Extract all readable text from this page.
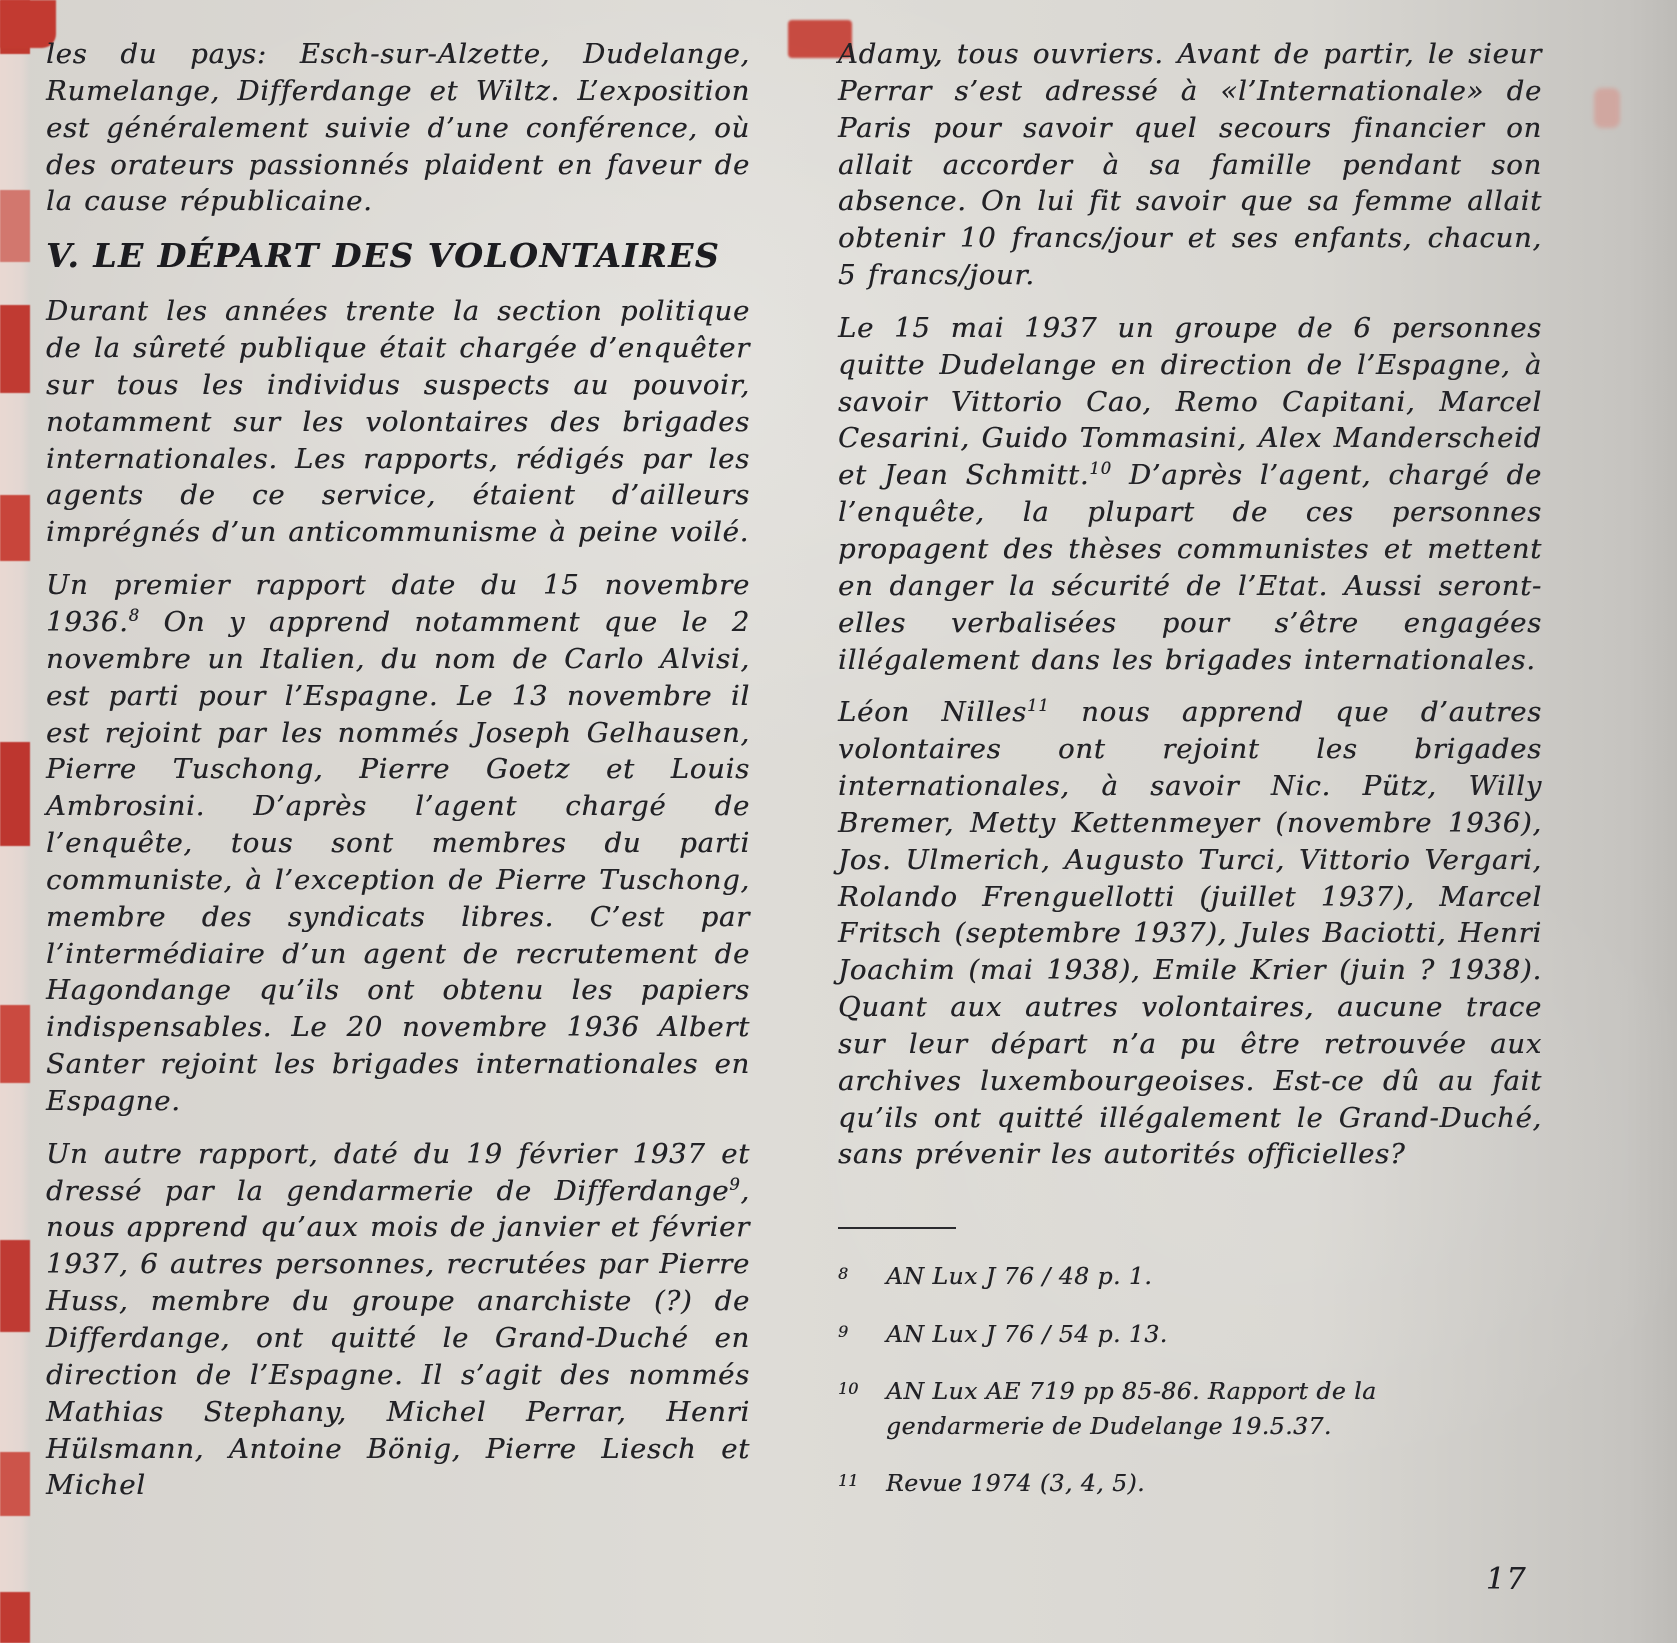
les du pays: Esch-sur-Alzette, Dudelange, Rumelange, Differdange et Wiltz. L’exposition est généralement suivie d’une conférence, où des orateurs passionnés plaident en faveur de la cause républicaine.

V. LE DÉPART DES VOLONTAIRES

Durant les années trente la section politique de la sûreté publique était chargée d’enquêter sur tous les individus suspects au pouvoir, notamment sur les volontaires des brigades internationales. Les rapports, rédigés par les agents de ce service, étaient d’ailleurs imprégnés d’un anticommunisme à peine voilé.

Un premier rapport date du 15 novembre 1936.$^8$ On y apprend notamment que le 2 novembre un Italien, du nom de Carlo Alvisi, est parti pour l’Espagne. Le 13 novembre il est rejoint par les nommés Joseph Gelhausen, Pierre Tuschong, Pierre Goetz et Louis Ambrosini. D’après l’agent chargé de l’enquête, tous sont membres du parti communiste, à l’exception de Pierre Tuschong, membre des syndicats libres. C’est par l’intermédiaire d’un agent de recrutement de Hagondange qu’ils ont obtenu les papiers indispensables. Le 20 novembre 1936 Albert Santer rejoint les brigades internationales en Espagne.

Un autre rapport, daté du 19 février 1937 et dressé par la gendarmerie de Differdange$^9$, nous apprend qu’aux mois de janvier et février 1937, 6 autres personnes, recrutées par Pierre Huss, membre du groupe anarchiste (?) de Differdange, ont quitté le Grand-Duché en direction de l’Espagne. Il s’agit des nommés Mathias Stephany, Michel Perrar, Henri Hülsmann, Antoine Bönig, Pierre Liesch et Michel

Adamy, tous ouvriers. Avant de partir, le sieur Perrar s’est adressé à «l’Internationale» de Paris pour savoir quel secours financier on allait accorder à sa famille pendant son absence. On lui fit savoir que sa femme allait obtenir 10 francs/jour et ses enfants, chacun, 5 francs/jour.

Le 15 mai 1937 un groupe de 6 personnes quitte Dudelange en direction de l’Espagne, à savoir Vittorio Cao, Remo Capitani, Marcel Cesarini, Guido Tommasini, Alex Manderscheid et Jean Schmitt.$^{10}$ D’après l’agent, chargé de l’enquête, la plupart de ces personnes propagent des thèses communistes et mettent en danger la sécurité de l’Etat. Aussi seront-elles verbalisées pour s’être engagées illégalement dans les brigades internationales.

Léon Nilles$^{11}$ nous apprend que d’autres volontaires ont rejoint les brigades internationales, à savoir Nic. Pütz, Willy Bremer, Metty Kettenmeyer (novembre 1936), Jos. Ulmerich, Augusto Turci, Vittorio Vergari, Rolando Frenguellotti (juillet 1937), Marcel Fritsch (septembre 1937), Jules Baciotti, Henri Joachim (mai 1938), Emile Krier (juin ? 1938). Quant aux autres volontaires, aucune trace sur leur départ n’a pu être retrouvée aux archives luxembourgeoises. Est-ce dû au fait qu’ils ont quitté illégalement le Grand-Duché, sans prévenir les autorités officielles?

8	AN Lux J 76 / 48 p. 1.
9	AN Lux J 76 / 54 p. 13.
10	AN Lux AE 719 pp 85-86. Rapport de la gendarmerie de Dudelange 19.5.37.
11	Revue 1974 (3, 4, 5).
17
